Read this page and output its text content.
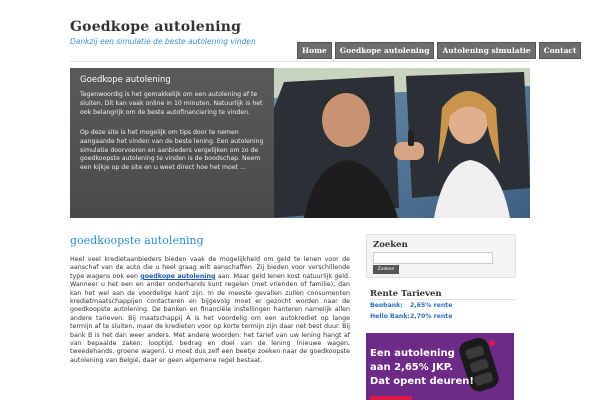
Goedkope autolening
Dankzij een simulatie de beste autolening vinden
Home	Goedkope autolening	Autolening simulatie	Contact
Goedkope autolening
Tegenwoordig is het gemakkelijk om een autolening af te sluiten. Dit kan vaak online in 10 minuten. Natuurlijk is het ook belangrijk om de beste autofinanciering te vinden.
Op deze site is het mogelijk om tips door te nemen aangaande het vinden van de beste lening. Een autolening simulatie doorvoeren en aanbieders vergelijken om zo de goedkoopste autolening te vinden is de boodschap. Neem een kijkje op de site en u weet direct hoe het moet ...
goedkoopste autolening
Heel veel kredietaanbieders bieden vaak de mogelijkheid om geld te lenen voor de aanschaf van de auto die u heel graag wilt aanschaffen. Zij bieden voor verschillende type wagens ook een goedkope autolening aan. Maar geld lenen kost natuurlijk geld. Wanneer u het een en ander onderhands kunt regelen (met vrienden of familie), dan kan het wel aan de voordelige kant zijn. In de meeste gevallen zullen consumenten kredietmaatschappijen contacteren en bijgevolg moet er gezocht worden naar de goedkoopste autolening. De banken en financiële instellingen hanteren namelijk allen andere tarieven. Bij maatschappij A is het voordelig om een autokrediet op lange termijn af te sluiten, maar de kredieten voor op korte termijn zijn daar net best duur. Bij bank B is het dan weer anders. Met andere woorden: het tarief van uw lening hangt af van bepaalde zaken: looptijd, bedrag en doel van de lening (nieuwe wagen, tweedehands, groene wagen). U moet dus zelf een beetje zoeken naar de goedkoopste autolening van België, daar er geen algemene regel bestaat.
Zoeken
Zoeken
Rente Tarieven
Beobank: 2,65% rente
Hello Bank: 2,70% rente
Een autolening
aan 2,65% JKP.
Dat opent deuren!
